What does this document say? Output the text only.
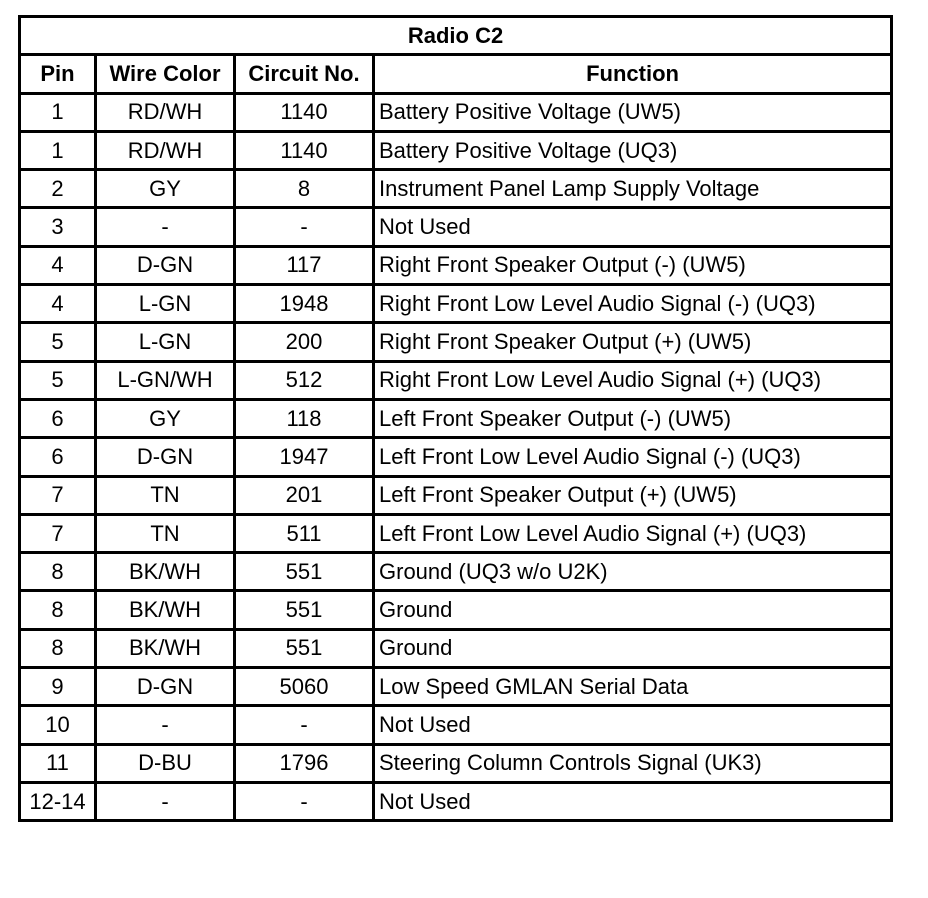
Radio C2			
Pin	Wire Color	Circuit No.	Function
1	RD/WH	1140	Battery Positive Voltage (UW5)
1	RD/WH	1140	Battery Positive Voltage (UQ3)
2	GY	8	Instrument Panel Lamp Supply Voltage
3	-	-	Not Used
4	D-GN	117	Right Front Speaker Output (-) (UW5)
4	L-GN	1948	Right Front Low Level Audio Signal (-) (UQ3)
5	L-GN	200	Right Front Speaker Output (+) (UW5)
5	L-GN/WH	512	Right Front Low Level Audio Signal (+) (UQ3)
6	GY	118	Left Front Speaker Output (-) (UW5)
6	D-GN	1947	Left Front Low Level Audio Signal (-) (UQ3)
7	TN	201	Left Front Speaker Output (+) (UW5)
7	TN	511	Left Front Low Level Audio Signal (+) (UQ3)
8	BK/WH	551	Ground (UQ3 w/o U2K)
8	BK/WH	551	Ground
8	BK/WH	551	Ground
9	D-GN	5060	Low Speed GMLAN Serial Data
10	-	-	Not Used
11	D-BU	1796	Steering Column Controls Signal (UK3)
12-14	-	-	Not Used
